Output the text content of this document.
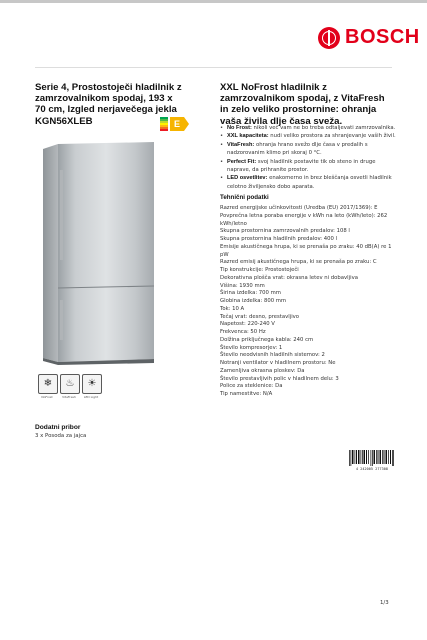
BOSCH
Serie 4, Prostostoječi hladilnik z zamrzovalnikom spodaj, 193 x 70 cm, Izgled nerjavečega jekla KGN56XLEB	E
❄
NoFrost
♨
VitaFresh
☀
LED Light
Dodatni pribor
3 x Posoda za jajca
XXL NoFrost hladilnik z zamrzovalnikom spodaj, z VitaFresh in zelo veliko prostornine: ohranja vaša živila dlje časa sveža.
• No Frost: nikoli več vam ne bo treba odtaljevati zamrzovalnika.
• XXL kapaciteta: nudi veliko prostora za shranjevanje vaših živil.
• VitaFresh: ohranja hrano svežo dlje časa v predalih s nadzorovanim klimo pri skoraj 0 °C.
• Perfect Fit: svoj hladilnik postavite tik ob steno in druge naprave, da prihranite prostor.
• LED osvetlitev: enakomerno in brez bleščanja osvetli hladilnik celotno živiljensko dobo aparata.
Tehnični podatki
Razred energijske učinkovitosti (Uredba (EU) 2017/1369): E
Povprečna letna poraba energije v kWh na leto (kWh/leto): 262 kWh/letno
Skupna prostornina zamrzovalnih predalov: 108 l
Skupna prostornina hladilnih predalov: 400 l
Emisije akustičnega hrupa, ki se prenaša po zraku: 40 dB(A) re 1 pW
Razred emisij akustičnega hrupa, ki se prenaša po zraku: C
Tip konstrukcije: Prostostoječi
Dekorativna plošča vrat: okrasna letev ni dobavljiva
Višina: 1930 mm
Širina izdelka: 700 mm
Globina izdelka: 800 mm
Tok: 10 A
Tečaj vrat: desno, prestavljivo
Napetost: 220-240 V
Frekvenca: 50 Hz
Dolžina priključnega kabla: 240 cm
Število kompresorjev: 1
Število neodvisnih hladilnih sistemov: 2
Notranji ventilator v hladilnem prostoru: Ne
Zamenljiva okrasna ploskev: Da
Število prestavljivih polic v hladilnem delu: 3
Police za steklenice: Da
Tip namestitve: N/A
4 242005 277308
1/3
